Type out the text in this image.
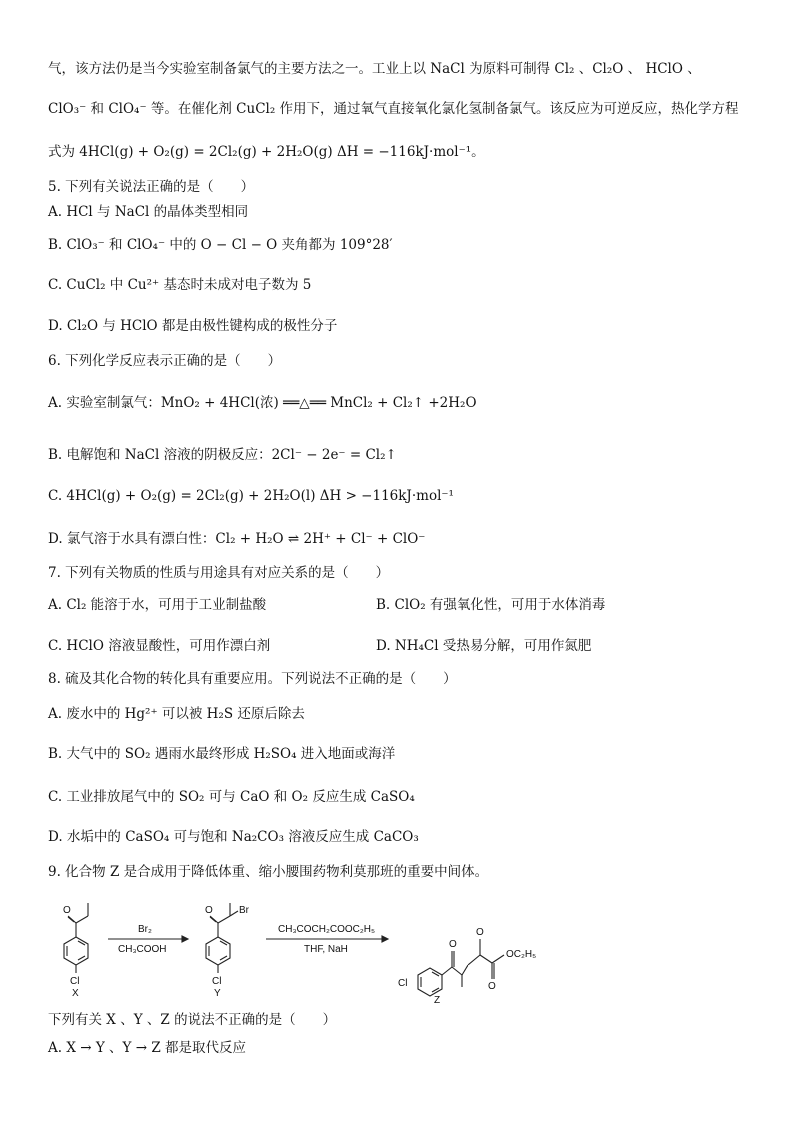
气，该方法仍是当今实验室制备氯气的主要方法之一。工业上以 NaCl 为原料可制得 Cl₂ 、Cl₂O 、 HClO 、
ClO₃⁻ 和 ClO₄⁻ 等。在催化剂 CuCl₂ 作用下，通过氧气直接氧化氯化氢制备氯气。该反应为可逆反应，热化学方程
式为 4HCl(g) + O₂(g) = 2Cl₂(g) + 2H₂O(g) ΔH = −116kJ·mol⁻¹。
5. 下列有关说法正确的是（　　）
A. HCl 与 NaCl 的晶体类型相同
B. ClO₃⁻ 和 ClO₄⁻ 中的 O − Cl − O 夹角都为 109°28′
C. CuCl₂ 中 Cu²⁺ 基态时未成对电子数为 5
D. Cl₂O 与 HClO 都是由极性键构成的极性分子
6. 下列化学反应表示正确的是（　　）
A. 实验室制氯气：MnO₂ + 4HCl(浓) ══△══ MnCl₂ + Cl₂↑ +2H₂O
B. 电解饱和 NaCl 溶液的阴极反应：2Cl⁻ − 2e⁻ = Cl₂↑
C. 4HCl(g) + O₂(g) = 2Cl₂(g) + 2H₂O(l) ΔH > −116kJ·mol⁻¹
D. 氯气溶于水具有漂白性：Cl₂ + H₂O ⇌ 2H⁺ + Cl⁻ + ClO⁻
7. 下列有关物质的性质与用途具有对应关系的是（　　）
A. Cl₂ 能溶于水，可用于工业制盐酸	B. ClO₂ 有强氧化性，可用于水体消毒
C. HClO 溶液显酸性，可用作漂白剂	D. NH₄Cl 受热易分解，可用作氮肥
8. 硫及其化合物的转化具有重要应用。下列说法不正确的是（　　）
A. 废水中的 Hg²⁺ 可以被 H₂S 还原后除去
B. 大气中的 SO₂ 遇雨水最终形成 H₂SO₄ 进入地面或海洋
C. 工业排放尾气中的 SO₂ 可与 CaO 和 O₂ 反应生成 CaSO₄
D. 水垢中的 CaSO₄ 可与饱和 Na₂CO₃ 溶液反应生成 CaCO₃
9. 化合物 Z 是合成用于降低体重、缩小腰围药物利莫那班的重要中间体。
O
Cl
X
Br₂
CH₃COOH
O	Br
Cl
Y
CH₃COCH₂COOC₂H₅
THF, NaH
Cl
O
Z
O
O
OC₂H₅
下列有关 X 、Y 、Z 的说法不正确的是（　　）
A. X → Y 、Y → Z 都是取代反应
